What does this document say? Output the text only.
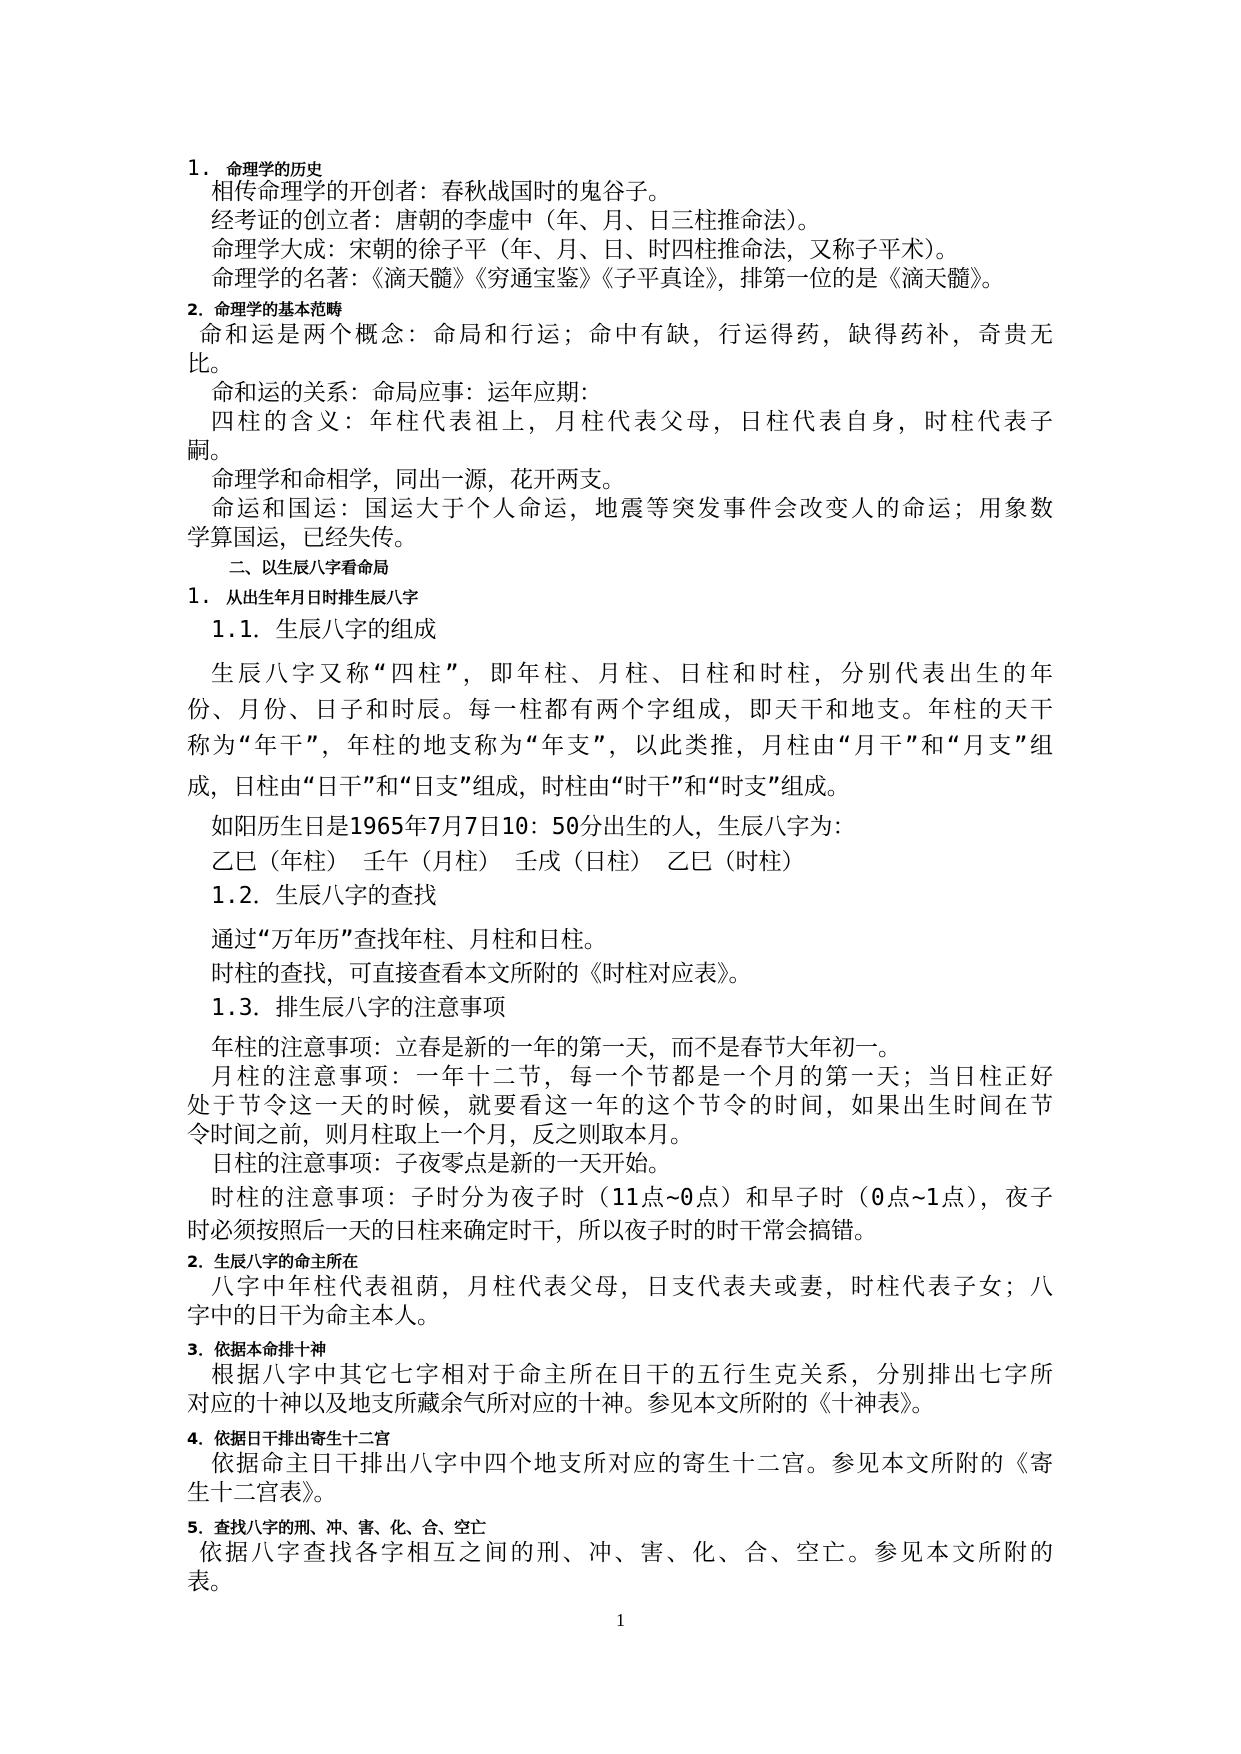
1. 命理学的历史
相传命理学的开创者：春秋战国时的鬼谷子。
经考证的创立者：唐朝的李虚中（年、月、日三柱推命法）。
命理学大成：宋朝的徐子平（年、月、日、时四柱推命法，又称子平术）。
命理学的名著：《滴天髓》《穷通宝鉴》《子平真诠》，排第一位的是《滴天髓》。
2．命理学的基本范畴
命和运是两个概念：命局和行运；命中有缺，行运得药，缺得药补，奇贵无
比。
命和运的关系：命局应事：运年应期：
四柱的含义：年柱代表祖上，月柱代表父母，日柱代表自身，时柱代表子
嗣。
命理学和命相学，同出一源，花开两支。
命运和国运：国运大于个人命运，地震等突发事件会改变人的命运；用象数
学算国运，已经失传。
二、以生辰八字看命局
1. 从出生年月日时排生辰八字
1.1．生辰八字的组成
生辰八字又称“四柱”，即年柱、月柱、日柱和时柱，分别代表出生的年
份、月份、日子和时辰。每一柱都有两个字组成，即天干和地支。年柱的天干
称为“年干”，年柱的地支称为“年支”，以此类推，月柱由“月干”和“月支”组
成，日柱由“日干”和“日支”组成，时柱由“时干”和“时支”组成。
如阳历生日是1965年7月7日10：50分出生的人，生辰八字为：
乙巳（年柱） 壬午（月柱） 壬戌（日柱） 乙巳（时柱）
1.2．生辰八字的查找
通过“万年历”查找年柱、月柱和日柱。
时柱的查找，可直接查看本文所附的《时柱对应表》。
1.3．排生辰八字的注意事项
年柱的注意事项：立春是新的一年的第一天，而不是春节大年初一。
月柱的注意事项：一年十二节，每一个节都是一个月的第一天；当日柱正好
处于节令这一天的时候，就要看这一年的这个节令的时间，如果出生时间在节
令时间之前，则月柱取上一个月，反之则取本月。
日柱的注意事项：子夜零点是新的一天开始。
时柱的注意事项：子时分为夜子时（11点~0点）和早子时（0点~1点），夜子
时必须按照后一天的日柱来确定时干，所以夜子时的时干常会搞错。
2．生辰八字的命主所在
八字中年柱代表祖荫，月柱代表父母，日支代表夫或妻，时柱代表子女；八
字中的日干为命主本人。
3．依据本命排十神
根据八字中其它七字相对于命主所在日干的五行生克关系，分别排出七字所
对应的十神以及地支所藏余气所对应的十神。参见本文所附的《十神表》。
4．依据日干排出寄生十二宫
依据命主日干排出八字中四个地支所对应的寄生十二宫。参见本文所附的《寄
生十二宫表》。
5．查找八字的刑、冲、害、化、合、空亡
依据八字查找各字相互之间的刑、冲、害、化、合、空亡。参见本文所附的
表。
1
